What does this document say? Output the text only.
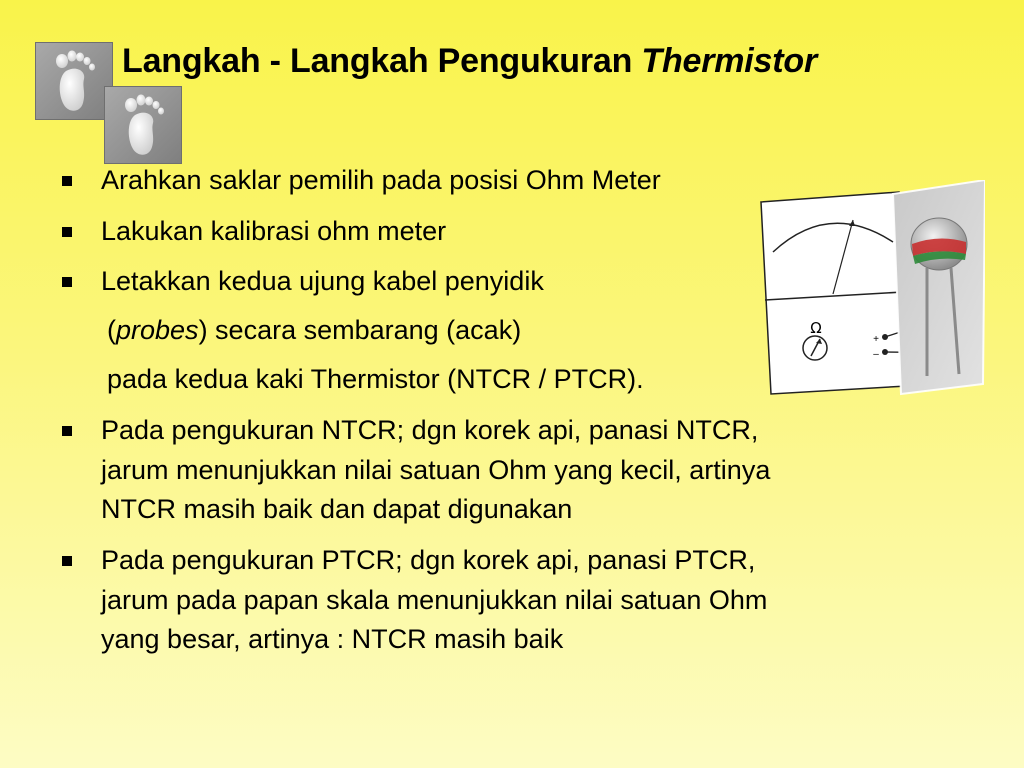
Langkah - Langkah Pengukuran Thermistor
Arahkan saklar pemilih pada posisi Ohm Meter
Lakukan kalibrasi ohm meter
Letakkan kedua ujung kabel penyidik
(probes) secara sembarang (acak)
pada kedua kaki Thermistor (NTCR / PTCR).
Pada pengukuran NTCR; dgn korek api, panasi NTCR,
jarum menunjukkan nilai satuan Ohm yang kecil, artinya
NTCR masih baik dan dapat digunakan
Pada pengukuran PTCR; dgn korek api, panasi PTCR,
jarum pada papan skala menunjukkan nilai satuan Ohm
yang besar, artinya : NTCR masih baik
Ω
+
–
